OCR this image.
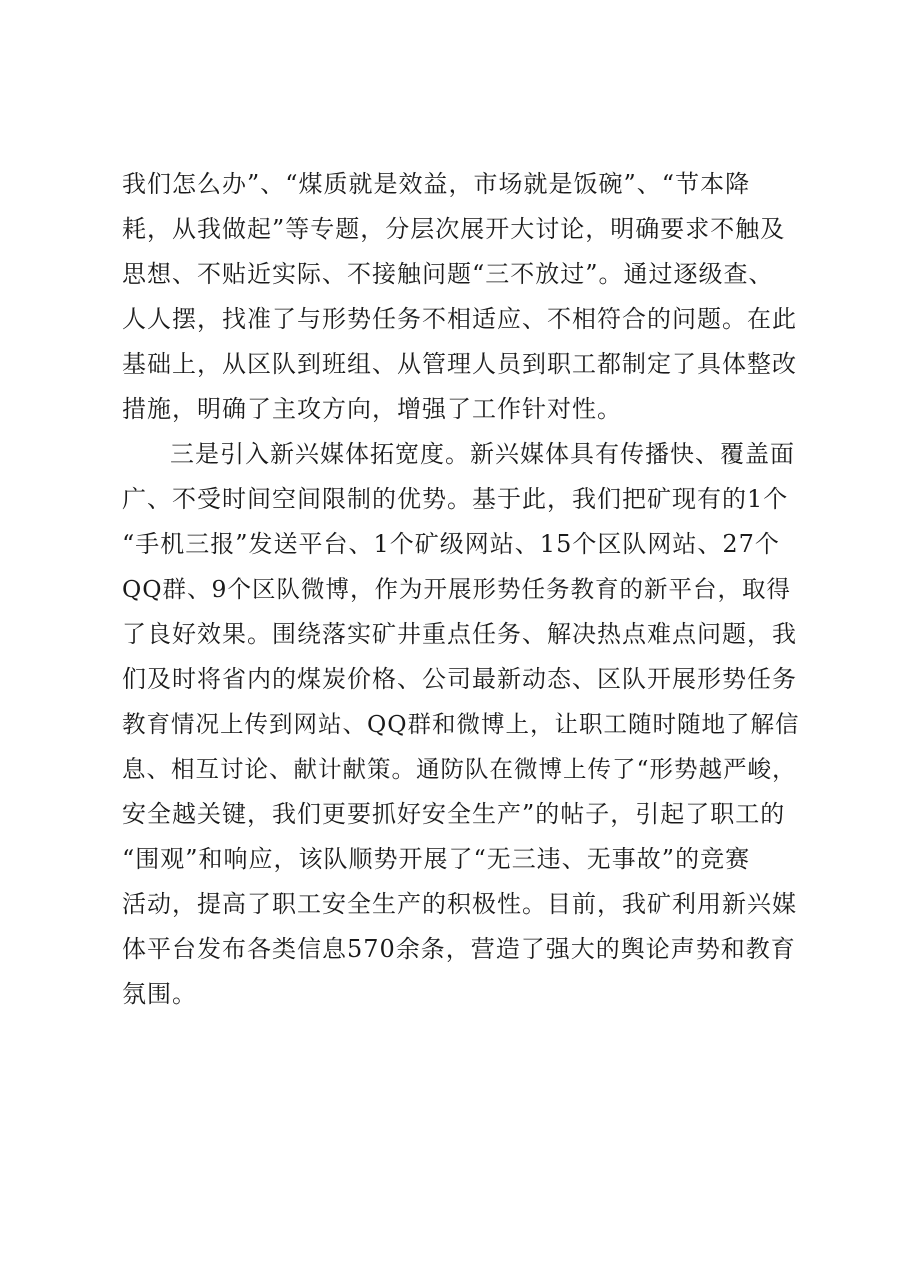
我们怎么办”、“煤质就是效益，市场就是饭碗”、“节本降
耗，从我做起”等专题，分层次展开大讨论，明确要求不触及
思想、不贴近实际、不接触问题“三不放过”。通过逐级查、
人人摆，找准了与形势任务不相适应、不相符合的问题。在此
基础上，从区队到班组、从管理人员到职工都制定了具体整改
措施，明确了主攻方向，增强了工作针对性。
三是引入新兴媒体拓宽度。新兴媒体具有传播快、覆盖面
广、不受时间空间限制的优势。基于此，我们把矿现有的1个
“手机三报”发送平台、1个矿级网站、15个区队网站、27个
QQ群、9个区队微博，作为开展形势任务教育的新平台，取得
了良好效果。围绕落实矿井重点任务、解决热点难点问题，我
们及时将省内的煤炭价格、公司最新动态、区队开展形势任务
教育情况上传到网站、QQ群和微博上，让职工随时随地了解信
息、相互讨论、献计献策。通防队在微博上传了“形势越严峻，
安全越关键，我们更要抓好安全生产”的帖子，引起了职工的
“围观”和响应，该队顺势开展了“无三违、无事故”的竞赛
活动，提高了职工安全生产的积极性。目前，我矿利用新兴媒
体平台发布各类信息570余条，营造了强大的舆论声势和教育
氛围。
